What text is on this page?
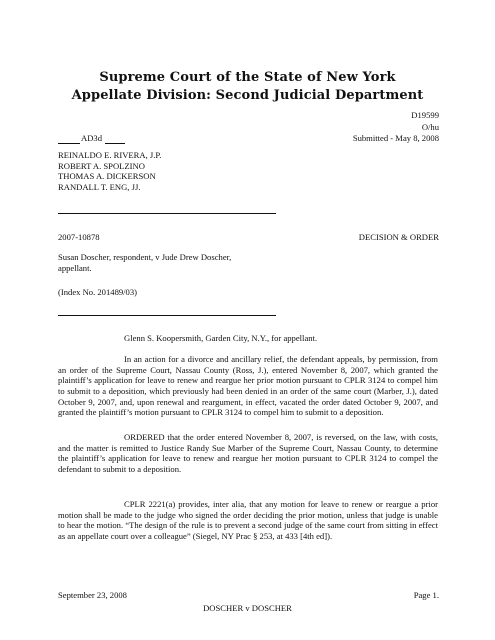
Supreme Court of the State of New York
Appellate Division: Second Judicial Department
D19599
O/hu
AD3d	Submitted - May 8, 2008
REINALDO E. RIVERA, J.P.
ROBERT A. SPOLZINO
THOMAS A. DICKERSON
RANDALL T. ENG, JJ.
2007-10878	DECISION & ORDER
Susan Doscher, respondent, v Jude Drew Doscher,
appellant.
(Index No. 201489/03)
Glenn S. Koopersmith, Garden City, N.Y., for appellant.

In an action for a divorce and ancillary relief, the defendant appeals, by permission, from an order of the Supreme Court, Nassau County (Ross, J.), entered November 8, 2007, which granted the plaintiff’s application for leave to renew and reargue her prior motion pursuant to CPLR 3124 to compel him to submit to a deposition, which previously had been denied in an order of the same court (Marber, J.), dated October 9, 2007, and, upon renewal and reargument, in effect, vacated the order dated October 9, 2007, and granted the plaintiff’s motion pursuant to CPLR 3124 to compel him to submit to a deposition.

ORDERED that the order entered November 8, 2007, is reversed, on the law, with costs, and the matter is remitted to Justice Randy Sue Marber of the Supreme Court, Nassau County, to determine the plaintiff’s application for leave to renew and reargue her motion pursuant to CPLR 3124 to compel the defendant to submit to a deposition.

CPLR 2221(a) provides, inter alia, that any motion for leave to renew or reargue a prior motion shall be made to the judge who signed the order deciding the prior motion, unless that judge is unable to hear the motion. “The design of the rule is to prevent a second judge of the same court from sitting in effect as an appellate court over a colleague” (Siegel, NY Prac § 253, at 433 [4th ed]).

September 23, 2008	Page 1.
DOSCHER v DOSCHER
